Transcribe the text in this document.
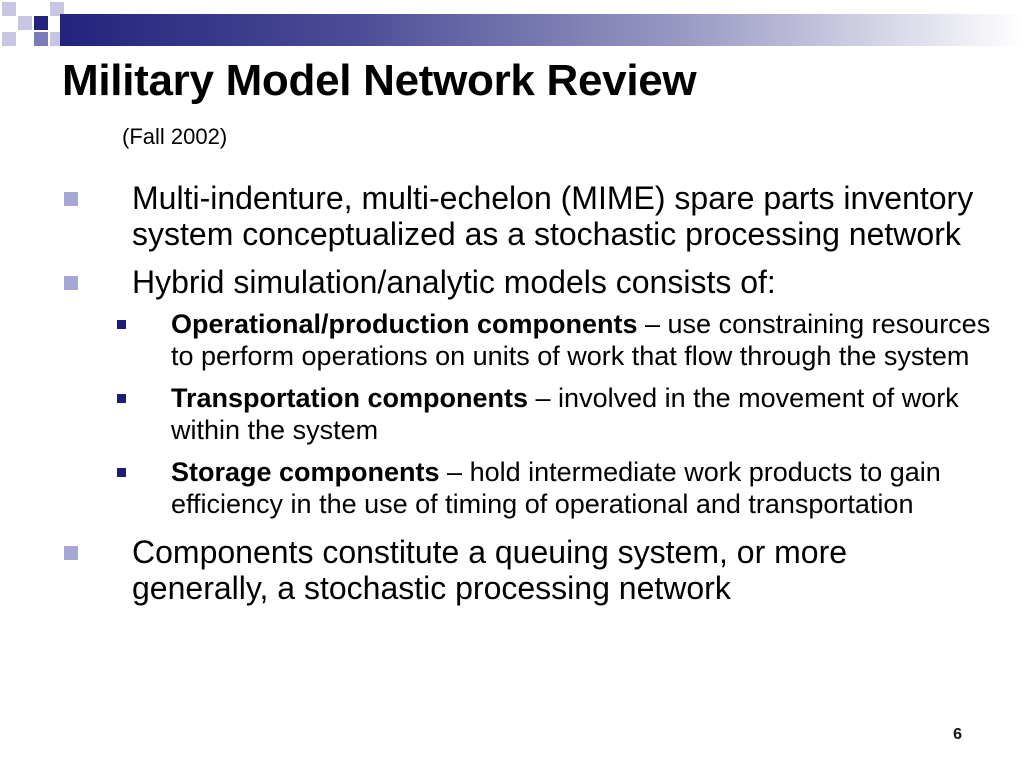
Military Model Network Review
(Fall 2002)
Multi-indenture, multi-echelon (MIME) spare parts inventory system conceptualized as a stochastic processing network
Hybrid simulation/analytic models consists of:
Operational/production components – use constraining resources to perform operations on units of work that flow through the system
Transportation components – involved in the movement of work within the system
Storage components – hold intermediate work products to gain efficiency in the use of timing of operational and transportation
Components constitute a queuing system, or more generally, a stochastic processing network
6
